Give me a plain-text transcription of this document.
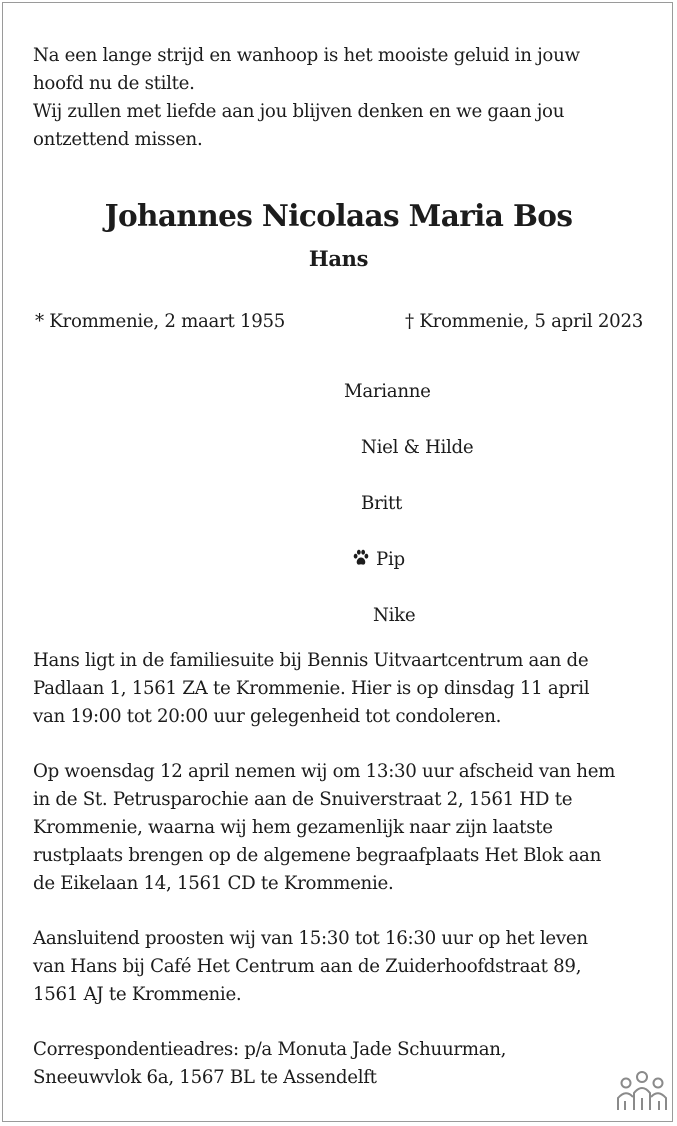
Na een lange strijd en wanhoop is het mooiste geluid in jouw

hoofd nu de stilte.

Wij zullen met liefde aan jou blijven denken en we gaan jou

ontzettend missen.

Johannes Nicolaas Maria Bos
Hans
* Krommenie, 2 maart 1955	† Krommenie, 5 april 2023
Marianne
Niel & Hilde
Britt
Pip
Nike

Hans ligt in de familiesuite bij Bennis Uitvaartcentrum aan de

Padlaan 1, 1561 ZA te Krommenie. Hier is op dinsdag 11 april

van 19:00 tot 20:00 uur gelegenheid tot condoleren.

Op woensdag 12 april nemen wij om 13:30 uur afscheid van hem

in de St. Petrusparochie aan de Snuiverstraat 2, 1561 HD te

Krommenie, waarna wij hem gezamenlijk naar zijn laatste

rustplaats brengen op de algemene begraafplaats Het Blok aan

de Eikelaan 14, 1561 CD te Krommenie.

Aansluitend proosten wij van 15:30 tot 16:30 uur op het leven

van Hans bij Café Het Centrum aan de Zuiderhoofdstraat 89,

1561 AJ te Krommenie.

Correspondentieadres: p/a Monuta Jade Schuurman,

Sneeuwvlok 6a, 1567 BL te Assendelft
